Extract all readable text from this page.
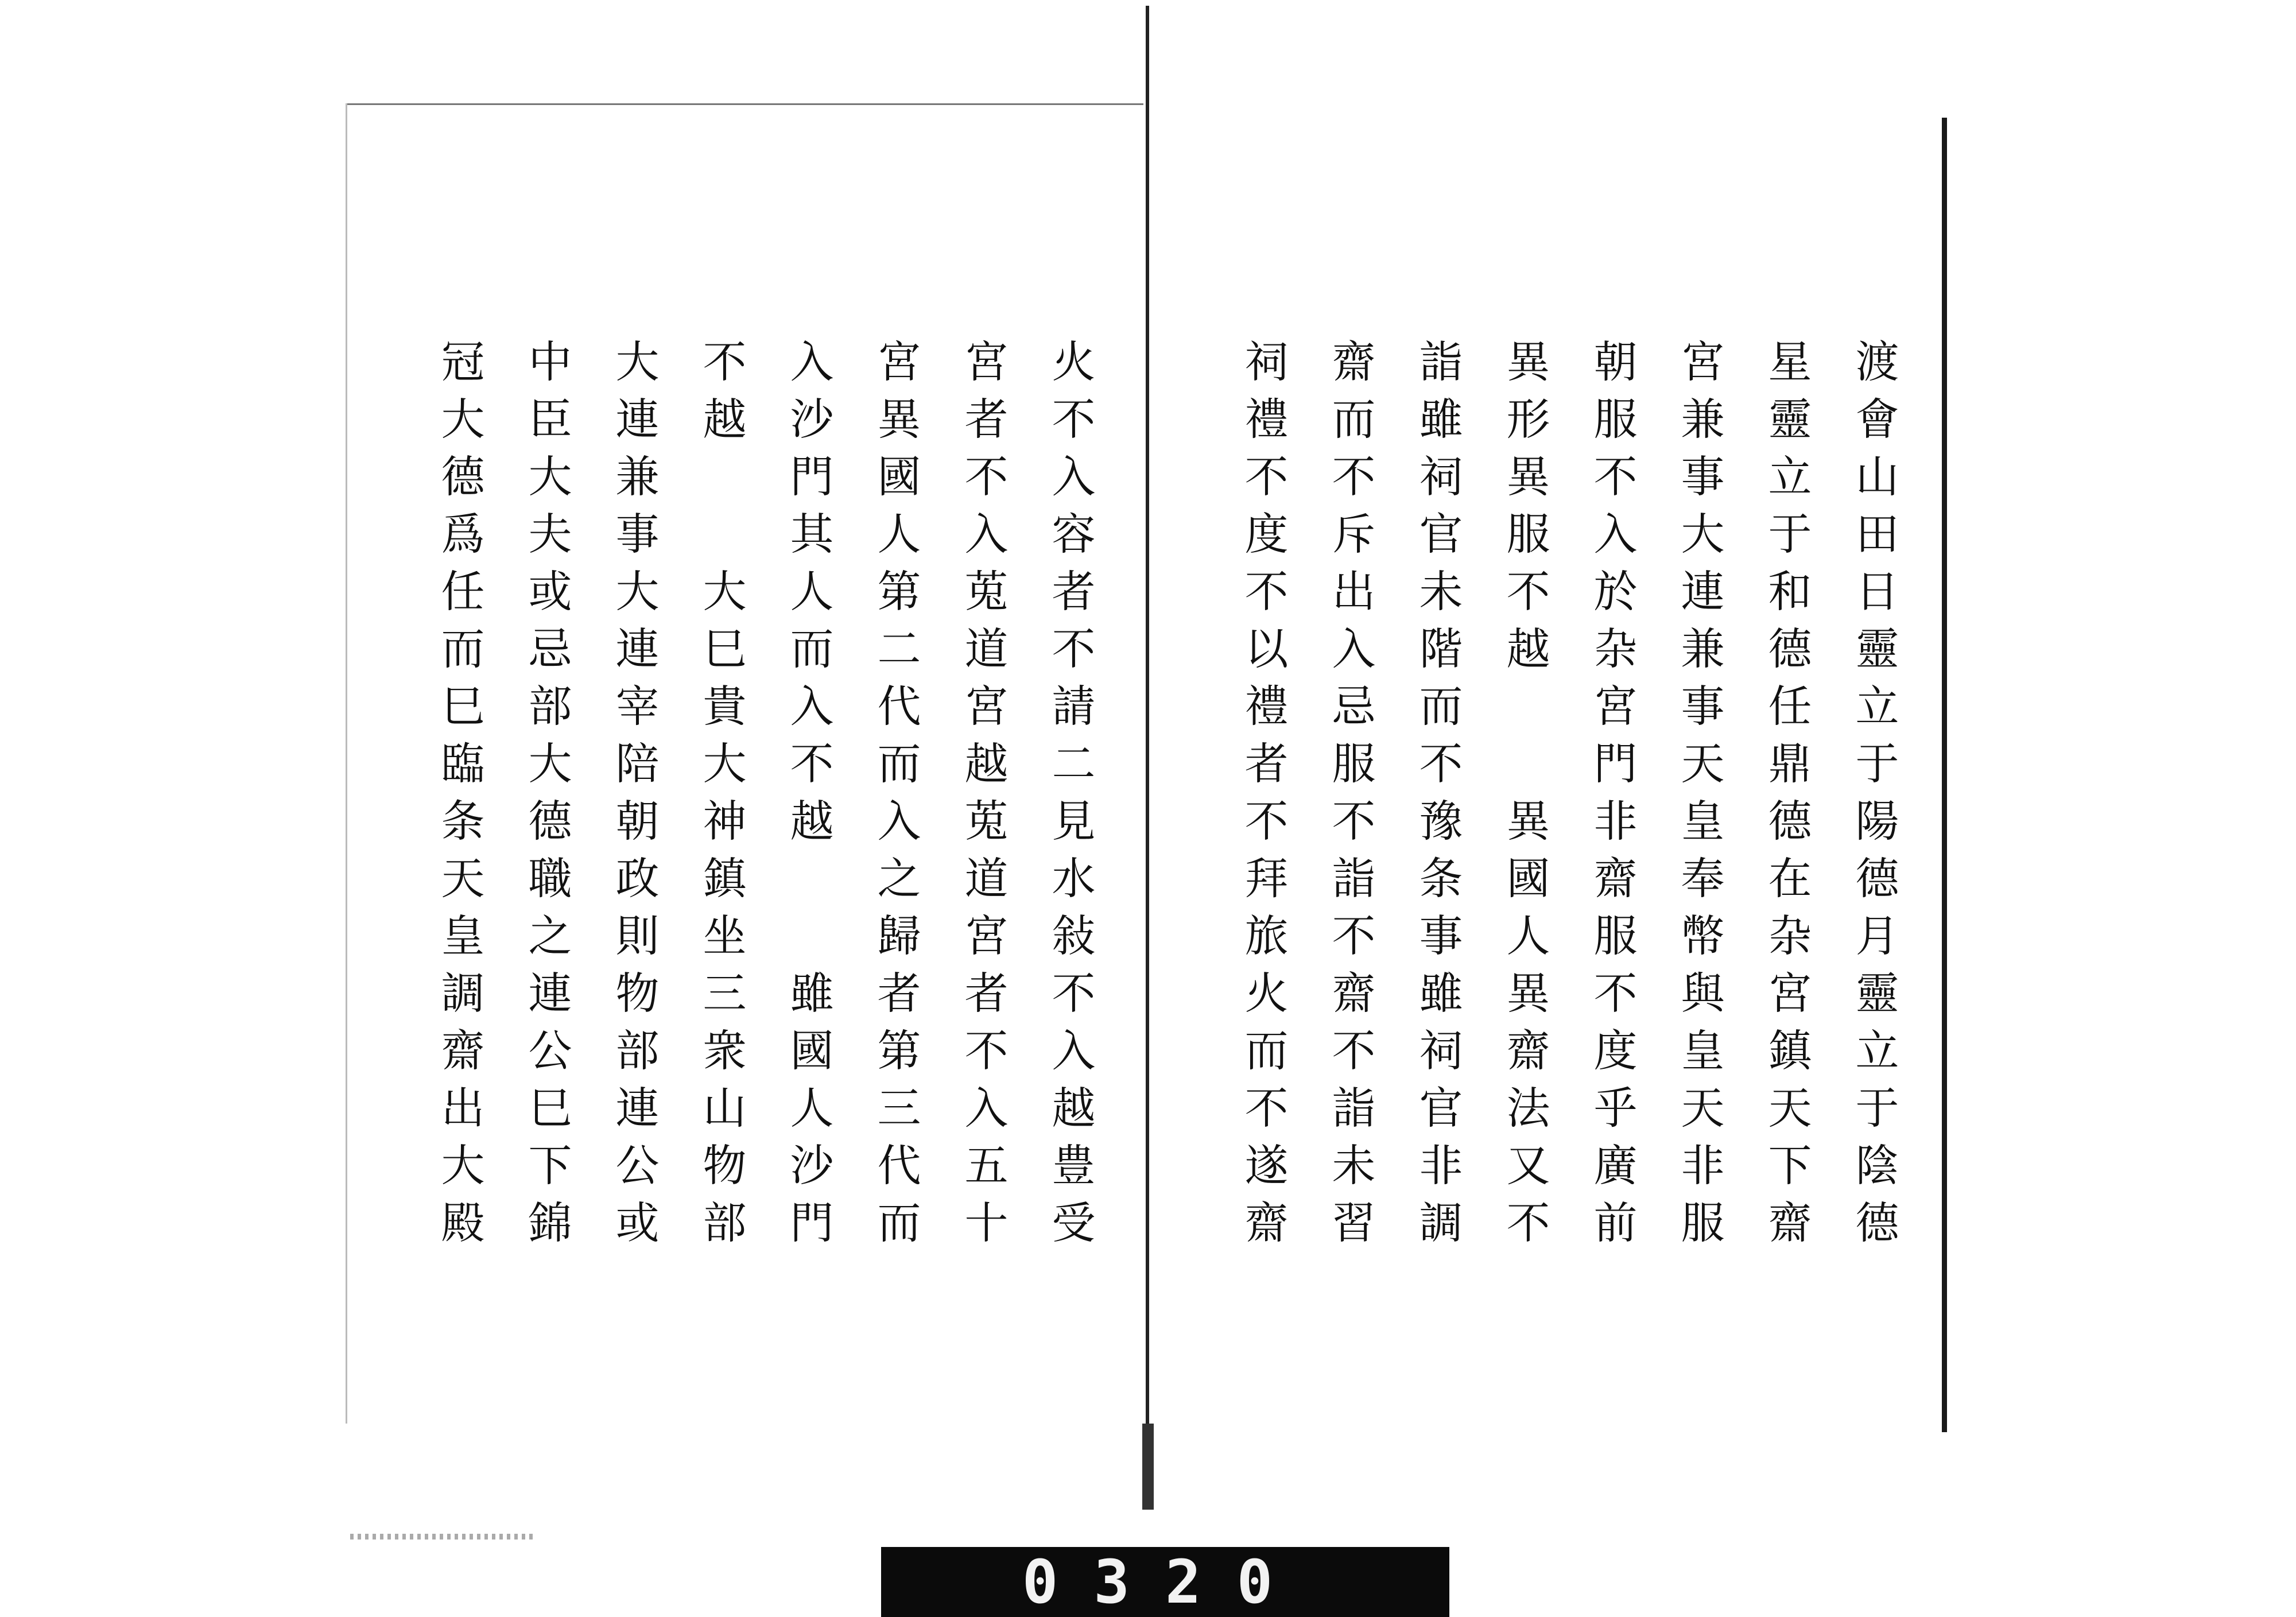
渡會山田日靈立于陽德月靈立于陰德
星靈立于和德任鼎德在杂宮鎮天下齋
宮兼事大連兼事天皇奉幣與皇天非服
朝服不入於杂宮門非齋服不度乎廣前
異形異服不越　　異國人異齋法又不
詣雖祠官未階而不豫条事雖祠官非調
齋而不斥出入忌服不詣不齋不詣未習
祠禮不度不以禮者不拜旅火而不遂齋
火不入容者不請二見水敍不入越豊受
宮者不入莵道宮越莵道宮者不入五十
宮異國人第二代而入之歸者第三代而
入沙門其人而入不越　　雖國人沙門
不越　　大巳貴大神鎮坐三衆山物部
大連兼事大連宰陪朝政則物部連公或
中臣大夫或忌部大德職之連公巳下錦
冠大德爲任而巳臨条天皇調齋出大殿
0320
